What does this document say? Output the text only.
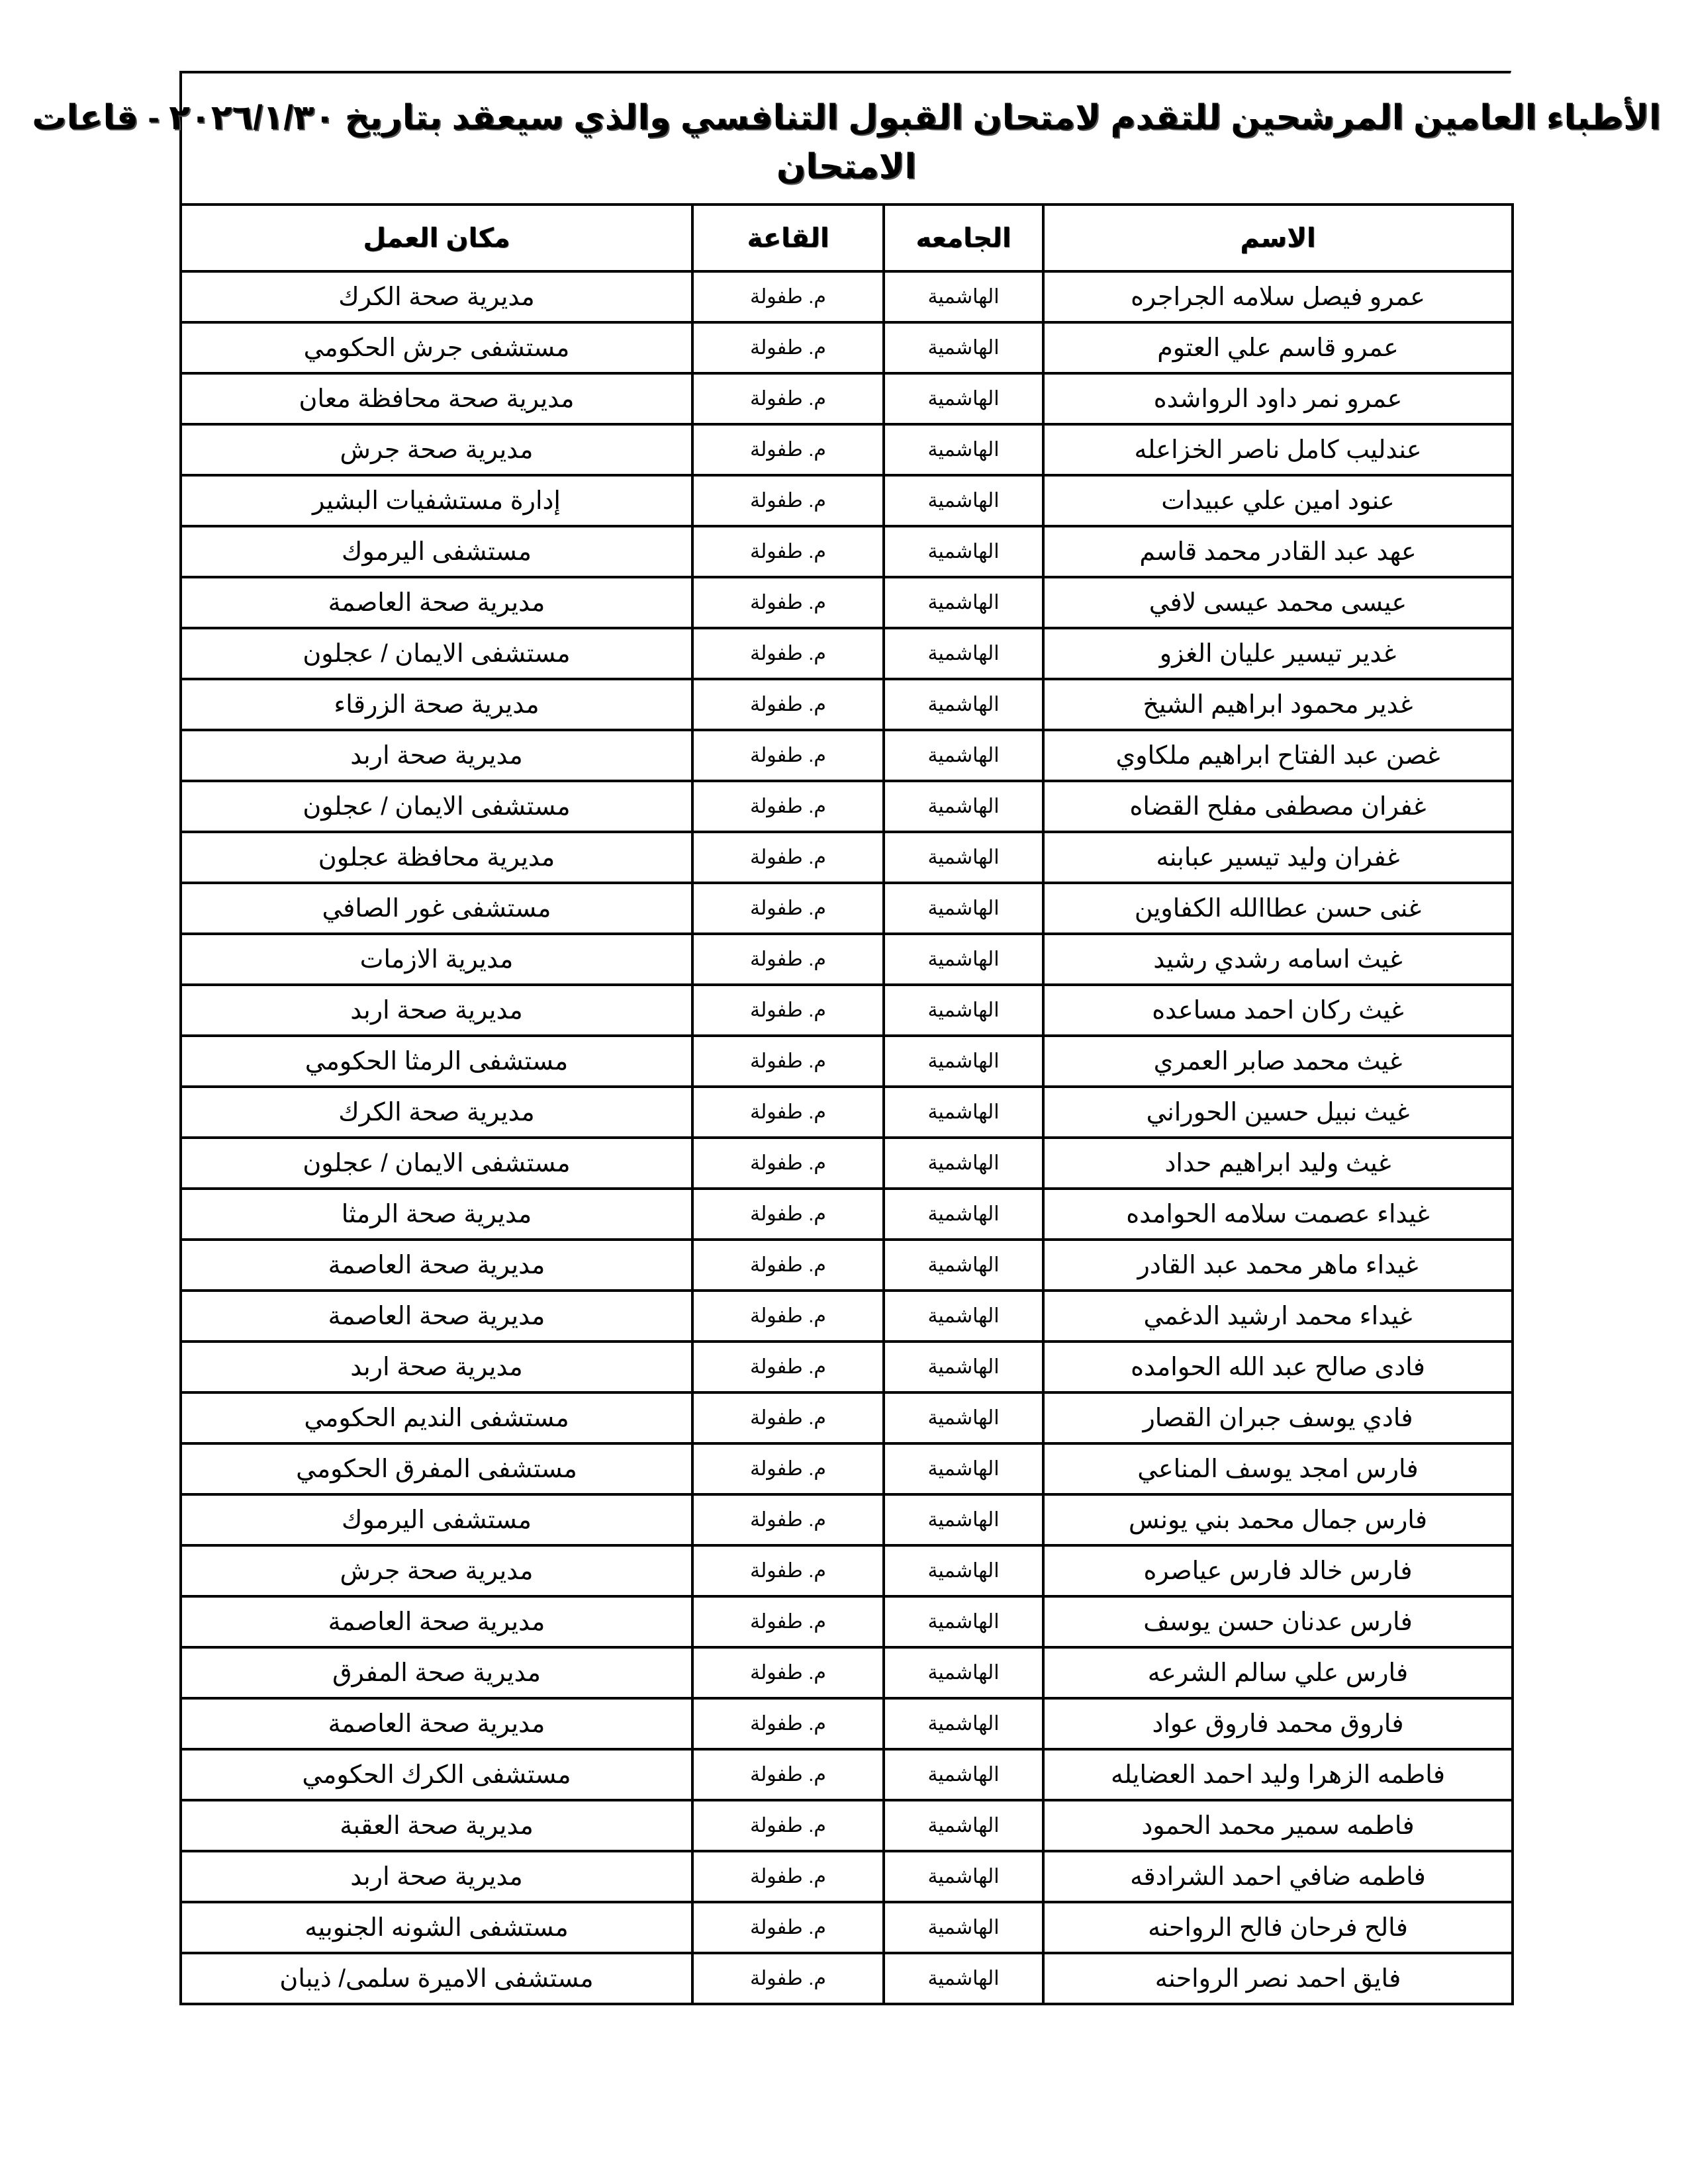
الأطباء العامين المرشحين للتقدم لامتحان القبول التنافسي والذي سيعقد بتاريخ ٢٠٢٦/١/٣٠ - قاعات
الامتحان
مكان العمل	القاعة	الجامعه	الاسم
مديرية صحة الكرك	م. طفولة	الهاشمية	عمرو فيصل سلامه الجراجره
مستشفى جرش الحكومي	م. طفولة	الهاشمية	عمرو قاسم علي العتوم
مديرية صحة محافظة معان	م. طفولة	الهاشمية	عمرو نمر داود الرواشده
مديرية صحة جرش	م. طفولة	الهاشمية	عندليب كامل ناصر الخزاعله
إدارة مستشفيات البشير	م. طفولة	الهاشمية	عنود امين علي عبيدات
مستشفى اليرموك	م. طفولة	الهاشمية	عهد عبد القادر محمد قاسم
مديرية صحة العاصمة	م. طفولة	الهاشمية	عيسى محمد عيسى لافي
مستشفى الايمان / عجلون	م. طفولة	الهاشمية	غدير تيسير عليان الغزو
مديرية صحة الزرقاء	م. طفولة	الهاشمية	غدير محمود ابراهيم الشيخ
مديرية صحة اربد	م. طفولة	الهاشمية	غصن عبد الفتاح ابراهيم ملكاوي
مستشفى الايمان / عجلون	م. طفولة	الهاشمية	غفران مصطفى مفلح القضاه
مديرية محافظة عجلون	م. طفولة	الهاشمية	غفران وليد تيسير عبابنه
مستشفى غور الصافي	م. طفولة	الهاشمية	غنى حسن عطاالله الكفاوين
مديرية الازمات	م. طفولة	الهاشمية	غيث اسامه رشدي رشيد
مديرية صحة اربد	م. طفولة	الهاشمية	غيث ركان احمد مساعده
مستشفى الرمثا الحكومي	م. طفولة	الهاشمية	غيث محمد صابر العمري
مديرية صحة الكرك	م. طفولة	الهاشمية	غيث نبيل حسين الحوراني
مستشفى الايمان / عجلون	م. طفولة	الهاشمية	غيث وليد ابراهيم حداد
مديرية صحة الرمثا	م. طفولة	الهاشمية	غيداء عصمت سلامه الحوامده
مديرية صحة العاصمة	م. طفولة	الهاشمية	غيداء ماهر محمد عبد القادر
مديرية صحة العاصمة	م. طفولة	الهاشمية	غيداء محمد ارشيد الدغمي
مديرية صحة اربد	م. طفولة	الهاشمية	فادى صالح عبد الله الحوامده
مستشفى النديم الحكومي	م. طفولة	الهاشمية	فادي يوسف جبران القصار
مستشفى المفرق الحكومي	م. طفولة	الهاشمية	فارس امجد يوسف المناعي
مستشفى اليرموك	م. طفولة	الهاشمية	فارس جمال محمد بني يونس
مديرية صحة جرش	م. طفولة	الهاشمية	فارس خالد فارس عياصره
مديرية صحة العاصمة	م. طفولة	الهاشمية	فارس عدنان حسن يوسف
مديرية صحة المفرق	م. طفولة	الهاشمية	فارس علي سالم الشرعه
مديرية صحة العاصمة	م. طفولة	الهاشمية	فاروق محمد فاروق عواد
مستشفى الكرك الحكومي	م. طفولة	الهاشمية	فاطمه الزهرا وليد احمد العضايله
مديرية صحة العقبة	م. طفولة	الهاشمية	فاطمه سمير محمد الحمود
مديرية صحة اربد	م. طفولة	الهاشمية	فاطمه ضافي احمد الشرادقه
مستشفى الشونه الجنوبيه	م. طفولة	الهاشمية	فالح فرحان فالح الرواحنه
مستشفى الاميرة سلمى/ ذيبان	م. طفولة	الهاشمية	فايق احمد نصر الرواحنه
